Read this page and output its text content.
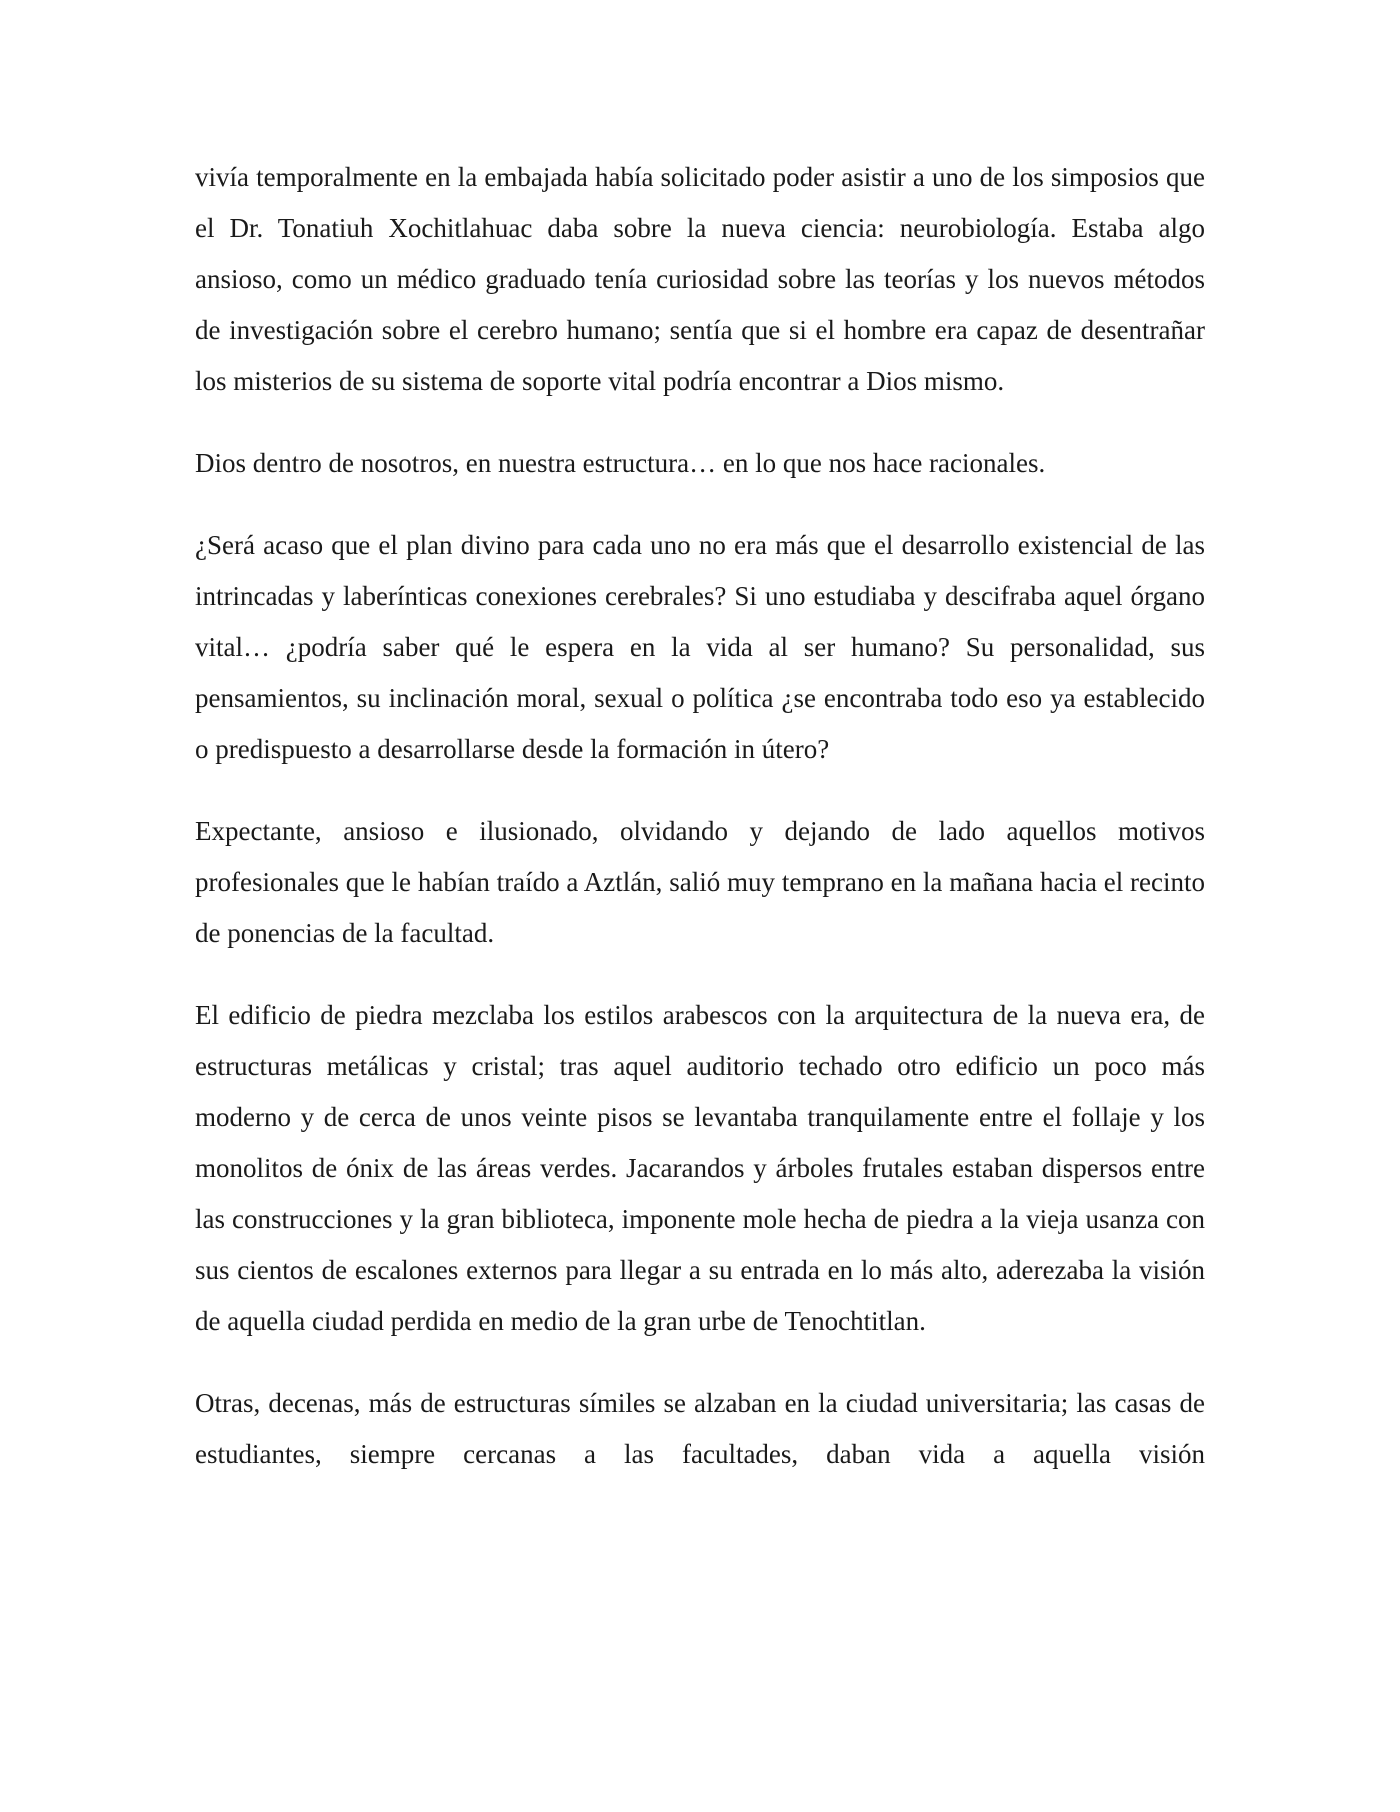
vivía temporalmente en la embajada había solicitado poder asistir a uno de los simposios que el Dr. Tonatiuh Xochitlahuac daba sobre la nueva ciencia: neurobiología. Estaba algo ansioso, como un médico graduado tenía curiosidad sobre las teorías y los nuevos métodos de investigación sobre el cerebro humano; sentía que si el hombre era capaz de desentrañar los misterios de su sistema de soporte vital podría encontrar a Dios mismo.

Dios dentro de nosotros, en nuestra estructura… en lo que nos hace racionales.

¿Será acaso que el plan divino para cada uno no era más que el desarrollo existencial de las intrincadas y laberínticas conexiones cerebrales? Si uno estudiaba y descifraba aquel órgano vital… ¿podría saber qué le espera en la vida al ser humano? Su personalidad, sus pensamientos, su inclinación moral, sexual o política ¿se encontraba todo eso ya establecido o predispuesto a desarrollarse desde la formación in útero?

Expectante, ansioso e ilusionado, olvidando y dejando de lado aquellos motivos profesionales que le habían traído a Aztlán, salió muy temprano en la mañana hacia el recinto de ponencias de la facultad.

El edificio de piedra mezclaba los estilos arabescos con la arquitectura de la nueva era, de estructuras metálicas y cristal; tras aquel auditorio techado otro edificio un poco más moderno y de cerca de unos veinte pisos se levantaba tranquilamente entre el follaje y los monolitos de ónix de las áreas verdes. Jacarandos y árboles frutales estaban dispersos entre las construcciones y la gran biblioteca, imponente mole hecha de piedra a la vieja usanza con sus cientos de escalones externos para llegar a su entrada en lo más alto, aderezaba la visión de aquella ciudad perdida en medio de la gran urbe de Tenochtitlan.

Otras, decenas, más de estructuras símiles se alzaban en la ciudad universitaria; las casas de estudiantes, siempre cercanas a las facultades, daban vida a aquella visión
